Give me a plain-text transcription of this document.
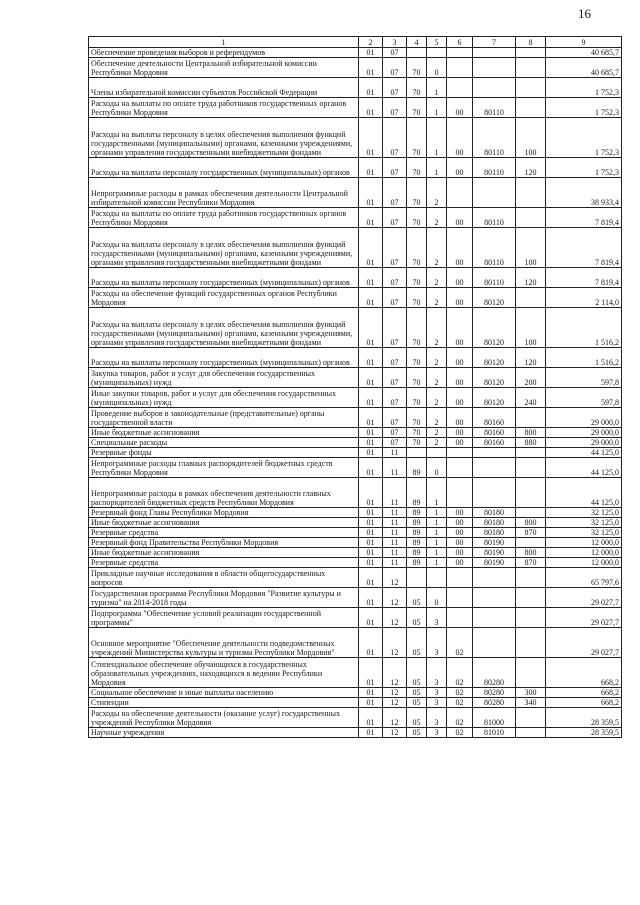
16
1	2	3	4	5	6	7	8	9
Обеспечение проведения выборов и референдумов	01	07						40 685,7
Обеспечение деятельности Центральной избирательной комиссии Республики Мордовия	01	07	70	0				40 685,7
Члены избирательной комиссии субъектов Российской Федерации	01	07	70	1				1 752,3
Расходы на выплаты по оплате труда работников государственных органов Республики Мордовия	01	07	70	1	00	80110		1 752,3
Расходы на выплаты персоналу в целях обеспечения выполнения функций государственными (муниципальными) органами, казенными учреждениями, органами управления государственными внебюджетными фондами	01	07	70	1	00	80110	100	1 752,3
Расходы на выплаты персоналу государственных (муниципальных) органов	01	07	70	1	00	80110	120	1 752,3
Непрограммные расходы в рамках обеспечения деятельности Центральной избирательной комиссии Республики Мордовия	01	07	70	2				38 933,4
Расходы на выплаты по оплате труда работников государственных органов Республики Мордовия	01	07	70	2	00	80110		7 819,4
Расходы на выплаты персоналу в целях обеспечения выполнения функций государственными (муниципальными) органами, казенными учреждениями, органами управления государственными внебюджетными фондами	01	07	70	2	00	80110	100	7 819,4
Расходы на выплаты персоналу государственных (муниципальных) органов	01	07	70	2	00	80110	120	7 819,4
Расходы на обеспечение функций государственных органов Республики Мордовия	01	07	70	2	00	80120		2 114,0
Расходы на выплаты персоналу в целях обеспечения выполнения функций государственными (муниципальными) органами, казенными учреждениями, органами управления государственными внебюджетными фондами	01	07	70	2	00	80120	100	1 516,2
Расходы на выплаты персоналу государственных (муниципальных) органов	01	07	70	2	00	80120	120	1 516,2
Закупка товаров, работ и услуг для обеспечения государственных (муниципальных) нужд	01	07	70	2	00	80120	200	597,8
Иные закупки товаров, работ и услуг для обеспечения государственных (муниципальных) нужд	01	07	70	2	00	80120	240	597,8
Проведение выборов в законодательные (представительные) органы государственной власти	01	07	70	2	00	80160		29 000,0
Иные бюджетные ассигнования	01	07	70	2	00	80160	800	29 000,0
Специальные расходы	01	07	70	2	00	80160	880	29 000,0
Резервные фонды	01	11						44 125,0
Непрограммные расходы главных распорядителей бюджетных средств Республики Мордовия	01	11	89	0				44 125,0
Непрограммные расходы в рамках обеспечения деятельности главных распорядителей бюджетных средств Республики Мордовия	01	11	89	1				44 125,0
Резервный фонд Главы Республики Мордовия	01	11	89	1	00	80180		32 125,0
Иные бюджетные ассигнования	01	11	89	1	00	80180	800	32 125,0
Резервные средства	01	11	89	1	00	80180	870	32 125,0
Резервный фонд Правительства Республики Мордовия	01	11	89	1	00	80190		12 000,0
Иные бюджетные ассигнования	01	11	89	1	00	80190	800	12 000,0
Резервные средства	01	11	89	1	00	80190	870	12 000,0
Прикладные научные исследования в области общегосударственных вопросов	01	12						65 797,6
Государственная программа Республики Мордовия "Развитие культуры и туризма" на 2014-2018 годы	01	12	05	0				29 027,7
Подпрограмма "Обеспечение условий реализации государственной программы"	01	12	05	3				29 027,7
Основное мероприятие "Обеспечение деятельности подведомственных учреждений Министерства культуры и туризма Республики Мордовия"	01	12	05	3	02			29 027,7
Стипендиальное обеспечение обучающихся в государственных образовательных учреждениях, находящихся в ведении Республики Мордовия	01	12	05	3	02	80280		668,2
Социальное обеспечение и иные выплаты населению	01	12	05	3	02	80280	300	668,2
Стипендии	01	12	05	3	02	80280	340	668,2
Расходы на обеспечение деятельности (оказание услуг) государственных учреждений Республики Мордовия	01	12	05	3	02	81000		28 359,5
Научные учреждения	01	12	05	3	02	81010		28 359,5
